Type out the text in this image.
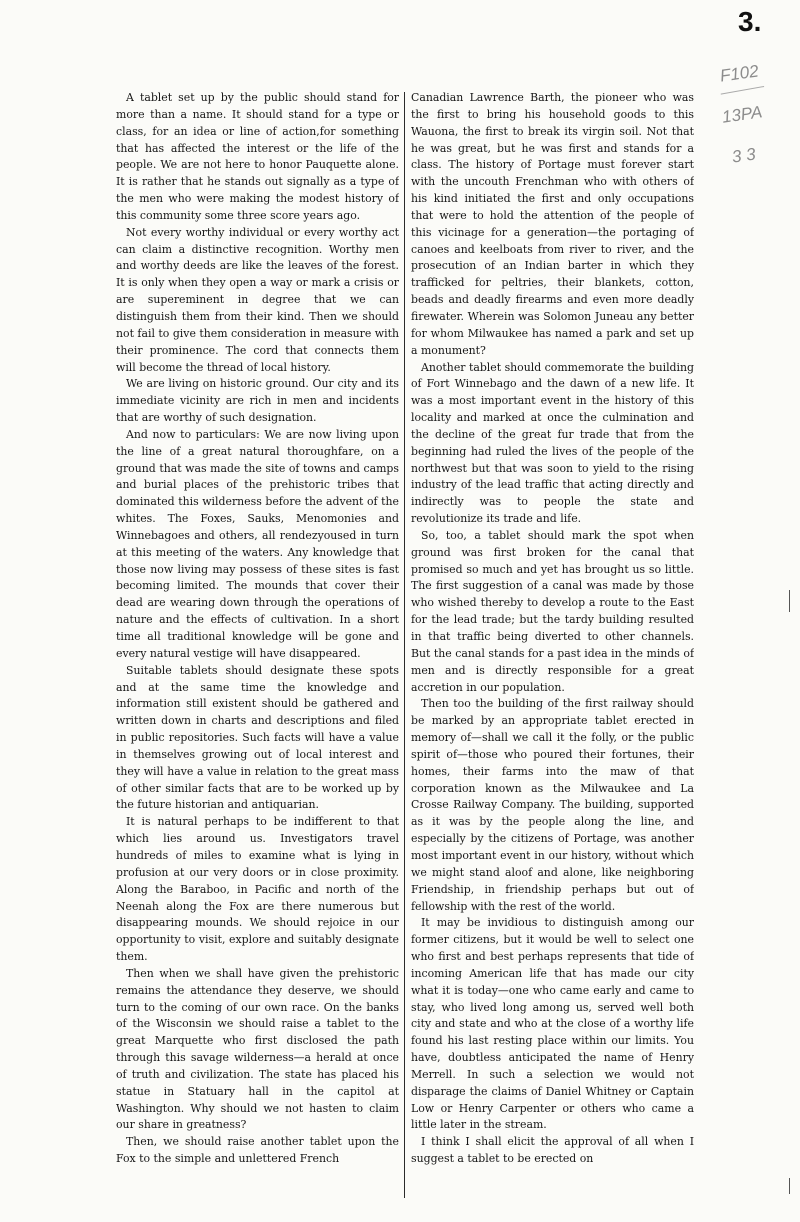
3.
F102
13PA
3 3

A tablet set up by the public should stand for more than a name. It should stand for a type or class, for an idea or line of action,for something that has affected the interest or the life of the people. We are not here to honor Pauquette alone. It is rather that he stands out signally as a type of the men who were making the modest history of this community some three score years ago.

Not every worthy individual or every worthy act can claim a distinctive recognition. Worthy men and worthy deeds are like the leaves of the forest. It is only when they open a way or mark a crisis or are supereminent in degree that we can distinguish them from their kind. Then we should not fail to give them consideration in measure with their prominence. The cord that connects them will become the thread of local history.

We are living on historic ground. Our city and its immediate vicinity are rich in men and incidents that are worthy of such designation.

And now to particulars: We are now living upon the line of a great natural thoroughfare, on a ground that was made the site of towns and camps and burial places of the prehistoric tribes that dominated this wilderness before the advent of the whites. The Foxes, Sauks, Menomonies and Winnebagoes and others, all rendezyoused in turn at this meeting of the waters. Any knowledge that those now living may possess of these sites is fast becoming limited. The mounds that cover their dead are wearing down through the operations of nature and the effects of cultivation. In a short time all traditional knowledge will be gone and every natural vestige will have disappeared.

Suitable tablets should designate these spots and at the same time the knowledge and information still existent should be gathered and written down in charts and descriptions and filed in public repositories. Such facts will have a value in themselves growing out of local interest and they will have a value in relation to the great mass of other similar facts that are to be worked up by the future historian and antiquarian.

It is natural perhaps to be indifferent to that which lies around us. Investigators travel hundreds of miles to examine what is lying in profusion at our very doors or in close proximity. Along the Baraboo, in Pacific and north of the Neenah along the Fox are there numerous but disappearing mounds. We should rejoice in our opportunity to visit, explore and suitably designate them.

Then when we shall have given the prehistoric remains the attendance they deserve, we should turn to the coming of our own race. On the banks of the Wisconsin we should raise a tablet to the great Marquette who first disclosed the path through this savage wilderness—a herald at once of truth and civilization. The state has placed his statue in Statuary hall in the capitol at Washington. Why should we not hasten to claim our share in greatness?

Then, we should raise another tablet upon the Fox to the simple and unlettered French

Canadian Lawrence Barth, the pioneer who was the first to bring his household goods to this Wauona, the first to break its virgin soil. Not that he was great, but he was first and stands for a class. The history of Portage must forever start with the uncouth Frenchman who with others of his kind initiated the first and only occupations that were to hold the attention of the people of this vicinage for a generation—the portaging of canoes and keelboats from river to river, and the prosecution of an Indian barter in which they trafficked for peltries, their blankets, cotton, beads and deadly firearms and even more deadly firewater. Wherein was Solomon Juneau any better for whom Milwaukee has named a park and set up a monument?

Another tablet should commemorate the building of Fort Winnebago and the dawn of a new life. It was a most important event in the history of this locality and marked at once the culmination and the decline of the great fur trade that from the beginning had ruled the lives of the people of the northwest but that was soon to yield to the rising industry of the lead traffic that acting directly and indirectly was to people the state and revolutionize its trade and life.

So, too, a tablet should mark the spot when ground was first broken for the canal that promised so much and yet has brought us so little. The first suggestion of a canal was made by those who wished thereby to develop a route to the East for the lead trade; but the tardy building resulted in that traffic being diverted to other channels. But the canal stands for a past idea in the minds of men and is directly responsible for a great accretion in our population.

Then too the building of the first railway should be marked by an appropriate tablet erected in memory of—shall we call it the folly, or the public spirit of—those who poured their fortunes, their homes, their farms into the maw of that corporation known as the Milwaukee and La Crosse Railway Company. The building, supported as it was by the people along the line, and especially by the citizens of Portage, was another most important event in our history, without which we might stand aloof and alone, like neighboring Friendship, in friendship perhaps but out of fellowship with the rest of the world.

It may be invidious to distinguish among our former citizens, but it would be well to select one who first and best perhaps represents that tide of incoming American life that has made our city what it is today—one who came early and came to stay, who lived long among us, served well both city and state and who at the close of a worthy life found his last resting place within our limits. You have, doubtless anticipated the name of Henry Merrell. In such a selection we would not disparage the claims of Daniel Whitney or Captain Low or Henry Carpenter or others who came a little later in the stream.

I think I shall elicit the approval of all when I suggest a tablet to be erected on
